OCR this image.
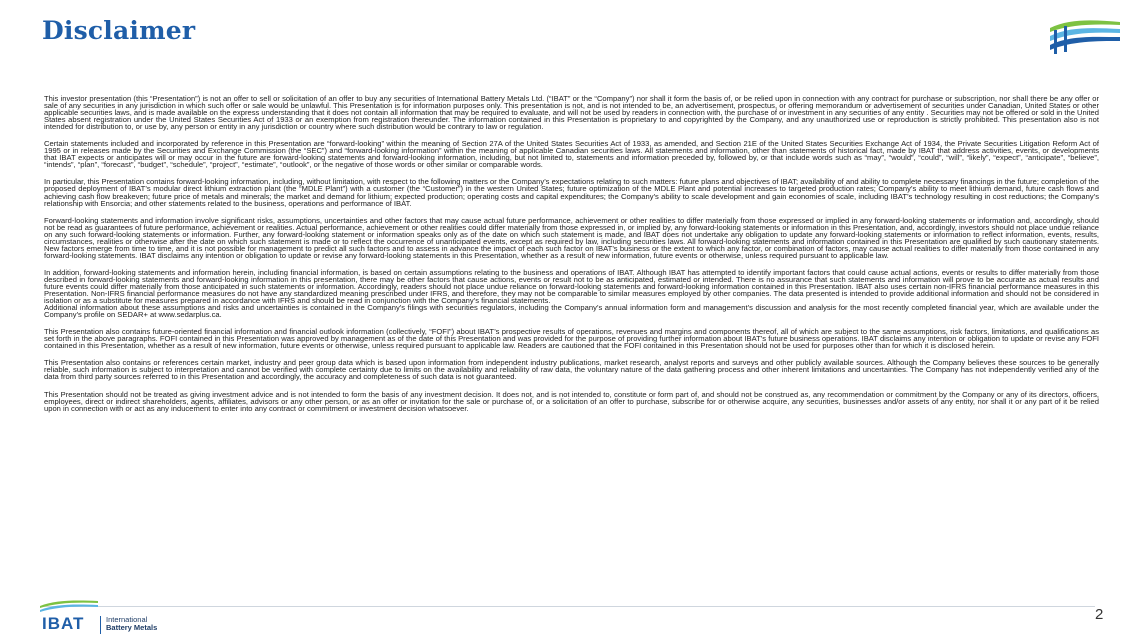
Disclaimer

This investor presentation (this “Presentation”) is not an offer to sell or solicitation of an offer to buy any securities of International Battery Metals Ltd. (“IBAT” or the “Company”) nor shall it form the basis of, or be relied upon in connection with any contract for purchase or subscription, nor shall there be any offer or sale of any securities in any jurisdiction in which such offer or sale would be unlawful. This Presentation is for information purposes only. This presentation is not, and is not intended to be, an advertisement, prospectus, or offering memorandum or advertisement of securities under Canadian, United States or other applicable securities laws, and is made available on the express understanding that it does not contain all information that may be required to evaluate, and will not be used by readers in connection with, the purchase of or investment in any securities of any entity . Securities may not be offered or sold in the United States absent registration under the United States Securities Act of 1933 or an exemption from registration thereunder. The information contained in this Presentation is proprietary to and copyrighted by the Company, and any unauthorized use or reproduction is strictly prohibited. This presentation also is not intended for distribution to, or use by, any person or entity in any jurisdiction or country where such distribution would be contrary to law or regulation.

Certain statements included and incorporated by reference in this Presentation are “forward-looking” within the meaning of Section 27A of the United States Securities Act of 1933, as amended, and Section 21E of the United States Securities Exchange Act of 1934, the Private Securities Litigation Reform Act of 1995 or in releases made by the Securities and Exchange Commission (the “SEC”) and “forward-looking information” within the meaning of applicable Canadian securities laws. All statements and information, other than statements of historical fact, made by IBAT that address activities, events, or developments that IBAT expects or anticipates will or may occur in the future are forward-looking statements and forward-looking information, including, but not limited to, statements and information preceded by, followed by, or that include words such as “may”, “would”, “could”, “will”, “likely”, “expect”, “anticipate”, “believe”, “intends”, “plan”, “forecast”, “budget”, “schedule”, “project”, “estimate”, “outlook”, or the negative of those words or other similar or comparable words.

In particular, this Presentation contains forward-looking information, including, without limitation, with respect to the following matters or the Company’s expectations relating to such matters: future plans and objectives of IBAT; availability of and ability to complete necessary financings in the future; completion of the proposed deployment of IBAT’s modular direct lithium extraction plant (the “MDLE Plant”) with a customer (the “Customer”) in the western United States; future optimization of the MDLE Plant and potential increases to targeted production rates; Company’s ability to meet lithium demand, future cash flows and achieving cash flow breakeven; future price of metals and minerals; the market and demand for lithium; expected production; operating costs and capital expenditures; the Company’s ability to scale development and gain economies of scale, including IBAT’s technology resulting in cost reductions; the Company’s relationship with Ensorcia; and other statements related to the business, operations and performance of IBAT.

Forward-looking statements and information involve significant risks, assumptions, uncertainties and other factors that may cause actual future performance, achievement or other realities to differ materially from those expressed or implied in any forward-looking statements or information and, accordingly, should not be read as guarantees of future performance, achievement or realities. Actual performance, achievement or other realities could differ materially from those expressed in, or implied by, any forward-looking statements or information in this Presentation, and, accordingly, investors should not place undue reliance on any such forward-looking statements or information. Further, any forward-looking statement or information speaks only as of the date on which such statement is made, and IBAT does not undertake any obligation to update any forward-looking statements or information to reflect information, events, results, circumstances, realities or otherwise after the date on which such statement is made or to reflect the occurrence of unanticipated events, except as required by law, including securities laws. All forward-looking statements and information contained in this Presentation are qualified by such cautionary statements. New factors emerge from time to time, and it is not possible for management to predict all such factors and to assess in advance the impact of each such factor on IBAT’s business or the extent to which any factor, or combination of factors, may cause actual realities to differ materially from those contained in any forward-looking statements. IBAT disclaims any intention or obligation to update or revise any forward-looking statements in this Presentation, whether as a result of new information, future events or otherwise, unless required pursuant to applicable law.

In addition, forward-looking statements and information herein, including financial information, is based on certain assumptions relating to the business and operations of IBAT. Although IBAT has attempted to identify important factors that could cause actual actions, events or results to differ materially from those described in forward-looking statements and forward-looking information in this presentation, there may be other factors that cause actions, events or result not to be as anticipated, estimated or intended. There is no assurance that such statements and information will prove to be accurate as actual results and future events could differ materially from those anticipated in such statements or information. Accordingly, readers should not place undue reliance on forward-looking statements and forward-looking information contained in this Presentation. IBAT also uses certain non-IFRS financial performance measures in this Presentation. Non-IFRS financial performance measures do not have any standardized meaning prescribed under IFRS, and therefore, they may not be comparable to similar measures employed by other companies. The data presented is intended to provide additional information and should not be considered in isolation or as a substitute for measures prepared in accordance with IFRS and should be read in conjunction with the Company’s financial statements.
Additional information about these assumptions and risks and uncertainties is contained in the Company’s filings with securities regulators, including the Company’s annual information form and management’s discussion and analysis for the most recently completed financial year, which are available under the Company’s profile on SEDAR+ at www.sedarplus.ca.

This Presentation also contains future-oriented financial information and financial outlook information (collectively, “FOFI”) about IBAT’s prospective results of operations, revenues and margins and components thereof, all of which are subject to the same assumptions, risk factors, limitations, and qualifications as set forth in the above paragraphs. FOFI contained in this Presentation was approved by management as of the date of this Presentation and was provided for the purpose of providing further information about IBAT’s future business operations. IBAT disclaims any intention or obligation to update or revise any FOFI contained in this Presentation, whether as a result of new information, future events or otherwise, unless required pursuant to applicable law. Readers are cautioned that the FOFI contained in this Presentation should not be used for purposes other than for which it is disclosed herein.

This Presentation also contains or references certain market, industry and peer group data which is based upon information from independent industry publications, market research, analyst reports and surveys and other publicly available sources. Although the Company believes these sources to be generally reliable, such information is subject to interpretation and cannot be verified with complete certainty due to limits on the availability and reliability of raw data, the voluntary nature of the data gathering process and other inherent limitations and uncertainties. The Company has not independently verified any of the data from third party sources referred to in this Presentation and accordingly, the accuracy and completeness of such data is not guaranteed.

This Presentation should not be treated as giving investment advice and is not intended to form the basis of any investment decision. It does not, and is not intended to, constitute or form part of, and should not be construed as, any recommendation or commitment by the Company or any of its directors, officers, employees, direct or indirect shareholders, agents, affiliates, advisors or any other person, or as an offer or invitation for the sale or purchase of, or a solicitation of an offer to purchase, subscribe for or otherwise acquire, any securities, businesses and/or assets of any entity, nor shall it or any part of it be relied upon in connection with or act as any inducement to enter into any contract or commitment or investment decision whatsoever.

IBAT	International
Battery Metals
2
